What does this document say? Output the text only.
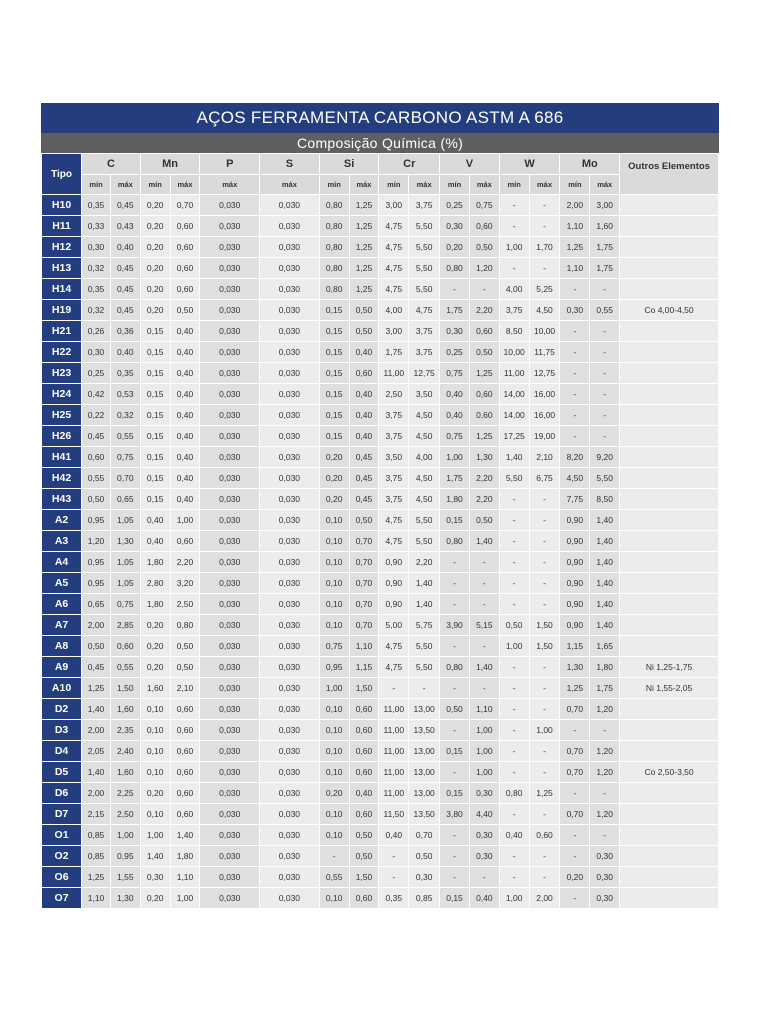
AÇOS FERRAMENTA CARBONO ASTM A 686
Composição Química (%)
Tipo	C		Mn		P	S	Si		Cr		V		W		Mo		Outros Elementos
	mín	máx	mín	máx	máx	máx	mín	máx	mín	máx	mín	máx	mín	máx	mín	máx	
H10	0,35	0,45	0,20	0,70	0,030	0,030	0,80	1,25	3,00	3,75	0,25	0,75	-	-	2,00	3,00	
H11	0,33	0,43	0,20	0,60	0,030	0,030	0,80	1,25	4,75	5,50	0,30	0,60	-	-	1,10	1,60	
H12	0,30	0,40	0,20	0,60	0,030	0,030	0,80	1,25	4,75	5,50	0,20	0,50	1,00	1,70	1,25	1,75	
H13	0,32	0,45	0,20	0,60	0,030	0,030	0,80	1,25	4,75	5,50	0,80	1,20	-	-	1,10	1,75	
H14	0,35	0,45	0,20	0,60	0,030	0,030	0,80	1,25	4,75	5,50	-	-	4,00	5,25	-	-	
H19	0,32	0,45	0,20	0,50	0,030	0,030	0,15	0,50	4,00	4,75	1,75	2,20	3,75	4,50	0,30	0,55	Co 4,00-4,50
H21	0,26	0,36	0,15	0,40	0,030	0,030	0,15	0,50	3,00	3,75	0,30	0,60	8,50	10,00	-	-	
H22	0,30	0,40	0,15	0,40	0,030	0,030	0,15	0,40	1,75	3,75	0,25	0,50	10,00	11,75	-	-	
H23	0,25	0,35	0,15	0,40	0,030	0,030	0,15	0,60	11,00	12,75	0,75	1,25	11,00	12,75	-	-	
H24	0,42	0,53	0,15	0,40	0,030	0,030	0,15	0,40	2,50	3,50	0,40	0,60	14,00	16,00	-	-	
H25	0,22	0,32	0,15	0,40	0,030	0,030	0,15	0,40	3,75	4,50	0,40	0,60	14,00	16,00	-	-	
H26	0,45	0,55	0,15	0,40	0,030	0,030	0,15	0,40	3,75	4,50	0,75	1,25	17,25	19,00	-	-	
H41	0,60	0,75	0,15	0,40	0,030	0,030	0,20	0,45	3,50	4,00	1,00	1,30	1,40	2,10	8,20	9,20	
H42	0,55	0,70	0,15	0,40	0,030	0,030	0,20	0,45	3,75	4,50	1,75	2,20	5,50	6,75	4,50	5,50	
H43	0,50	0,65	0,15	0,40	0,030	0,030	0,20	0,45	3,75	4,50	1,80	2,20	-	-	7,75	8,50	
A2	0,95	1,05	0,40	1,00	0,030	0,030	0,10	0,50	4,75	5,50	0,15	0,50	-	-	0,90	1,40	
A3	1,20	1,30	0,40	0,60	0,030	0,030	0,10	0,70	4,75	5,50	0,80	1,40	-	-	0,90	1,40	
A4	0,95	1,05	1,80	2,20	0,030	0,030	0,10	0,70	0,90	2,20	-	-	-	-	0,90	1,40	
A5	0,95	1,05	2,80	3,20	0,030	0,030	0,10	0,70	0,90	1,40	-	-	-	-	0,90	1,40	
A6	0,65	0,75	1,80	2,50	0,030	0,030	0,10	0,70	0,90	1,40	-	-	-	-	0,90	1,40	
A7	2,00	2,85	0,20	0,80	0,030	0,030	0,10	0,70	5,00	5,75	3,90	5,15	0,50	1,50	0,90	1,40	
A8	0,50	0,60	0,20	0,50	0,030	0,030	0,75	1,10	4,75	5,50	-	-	1,00	1,50	1,15	1,65	
A9	0,45	0,55	0,20	0,50	0,030	0,030	0,95	1,15	4,75	5,50	0,80	1,40	-	-	1,30	1,80	Ni 1,25-1,75
A10	1,25	1,50	1,60	2,10	0,030	0,030	1,00	1,50	-	-	-	-	-	-	1,25	1,75	Ni 1,55-2,05
D2	1,40	1,60	0,10	0,60	0,030	0,030	0,10	0,60	11,00	13,00	0,50	1,10	-	-	0,70	1,20	
D3	2,00	2,35	0,10	0,60	0,030	0,030	0,10	0,60	11,00	13,50	-	1,00	-	1,00	-	-	
D4	2,05	2,40	0,10	0,60	0,030	0,030	0,10	0,60	11,00	13,00	0,15	1,00	-	-	0,70	1,20	
D5	1,40	1,60	0,10	0,60	0,030	0,030	0,10	0,60	11,00	13,00	-	1,00	-	-	0,70	1,20	Co 2,50-3,50
D6	2,00	2,25	0,20	0,60	0,030	0,030	0,20	0,40	11,00	13,00	0,15	0,30	0,80	1,25	-	-	
D7	2,15	2,50	0,10	0,60	0,030	0,030	0,10	0,60	11,50	13,50	3,80	4,40	-	-	0,70	1,20	
O1	0,85	1,00	1,00	1,40	0,030	0,030	0,10	0,50	0,40	0,70	-	0,30	0,40	0,60	-	-	
O2	0,85	0,95	1,40	1,80	0,030	0,030	-	0,50	-	0,50	-	0,30	-	-	-	0,30	
O6	1,25	1,55	0,30	1,10	0,030	0,030	0,55	1,50	-	0,30	-	-	-	-	0,20	0,30	
O7	1,10	1,30	0,20	1,00	0,030	0,030	0,10	0,60	0,35	0,85	0,15	0,40	1,00	2,00	-	0,30	
